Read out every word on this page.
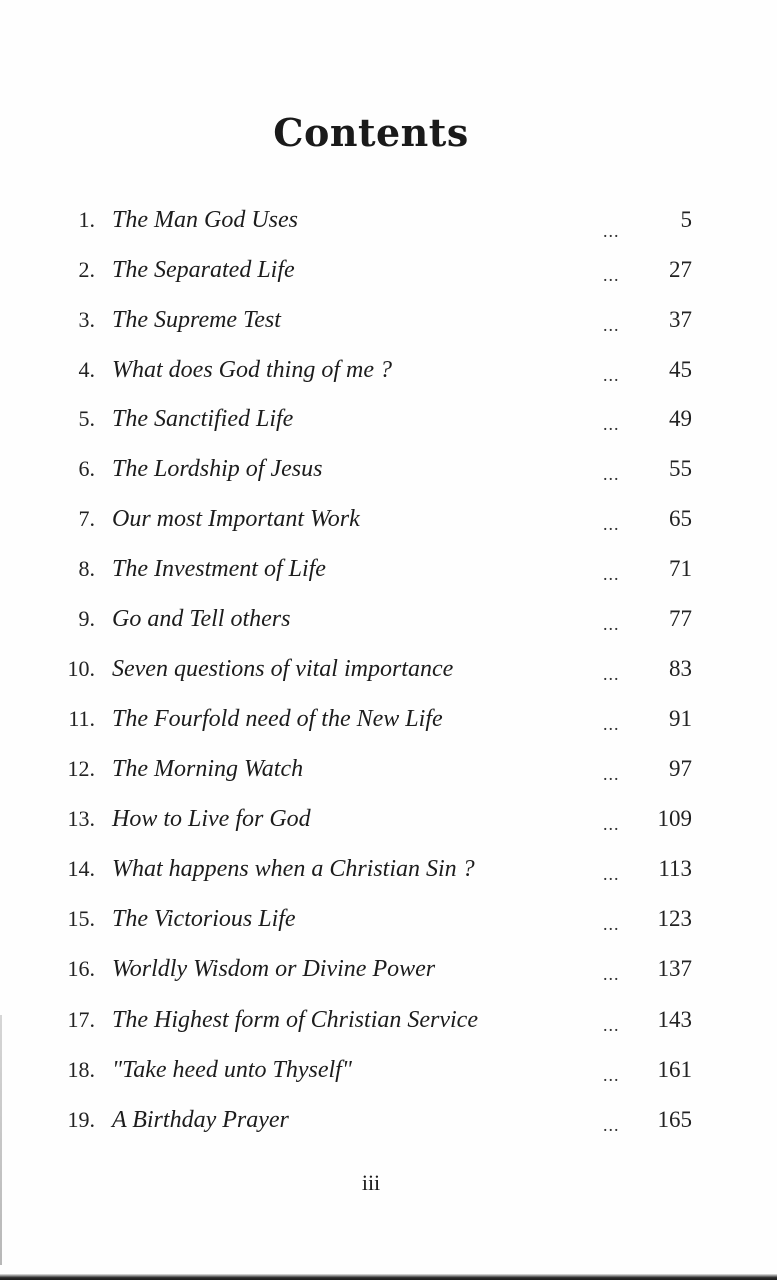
Contents
1. The Man God Uses	...	5
2. The Separated Life	...	27
3. The Supreme Test	...	37
4. What does God thing of me ?	...	45
5. The Sanctified Life	...	49
6. The Lordship of Jesus	...	55
7. Our most Important Work	...	65
8. The Investment of Life	...	71
9. Go and Tell others	...	77
10. Seven questions of vital importance	...	83
11. The Fourfold need of the New Life	...	91
12. The Morning Watch	...	97
13. How to Live for God	...	109
14. What happens when a Christian Sin ?	...	113
15. The Victorious Life	...	123
16. Worldly Wisdom or Divine Power	...	137
17. The Highest form of Christian Service	...	143
18. "Take heed unto Thyself"	...	161
19. A Birthday Prayer	...	165
iii
